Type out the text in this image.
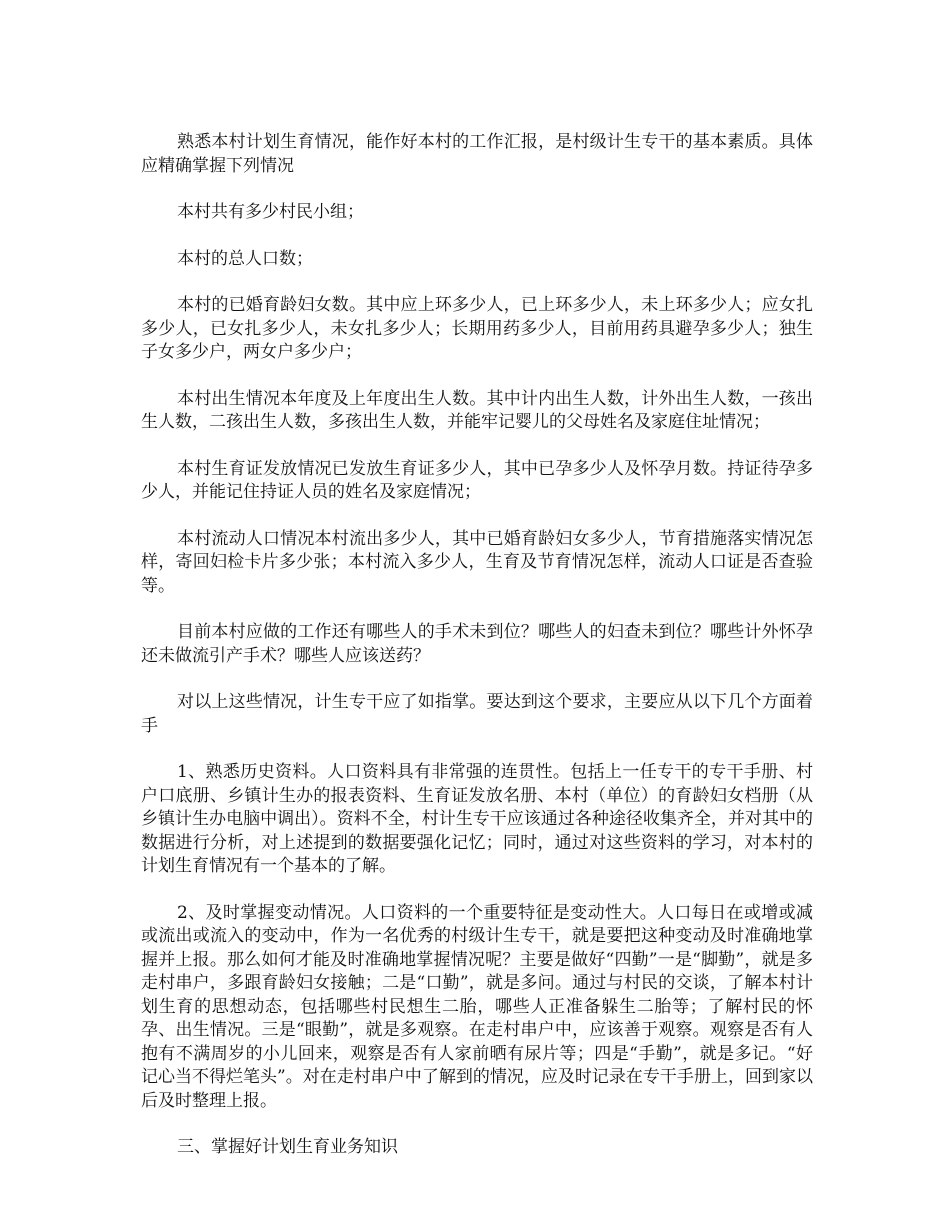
熟悉本村计划生育情况，能作好本村的工作汇报，是村级计生专干的基本素质。具体应精确掌握下列情况

本村共有多少村民小组；

本村的总人口数；

本村的已婚育龄妇女数。其中应上环多少人，已上环多少人，未上环多少人；应女扎多少人，已女扎多少人，未女扎多少人；长期用药多少人，目前用药具避孕多少人；独生子女多少户，两女户多少户；

本村出生情况本年度及上年度出生人数。其中计内出生人数，计外出生人数，一孩出生人数，二孩出生人数，多孩出生人数，并能牢记婴儿的父母姓名及家庭住址情况；

本村生育证发放情况已发放生育证多少人，其中已孕多少人及怀孕月数。持证待孕多少人，并能记住持证人员的姓名及家庭情况；

本村流动人口情况本村流出多少人，其中已婚育龄妇女多少人，节育措施落实情况怎样，寄回妇检卡片多少张；本村流入多少人，生育及节育情况怎样，流动人口证是否查验等。

目前本村应做的工作还有哪些人的手术未到位？哪些人的妇查未到位？哪些计外怀孕还未做流引产手术？哪些人应该送药？

对以上这些情况，计生专干应了如指掌。要达到这个要求，主要应从以下几个方面着手

1、熟悉历史资料。人口资料具有非常强的连贯性。包括上一任专干的专干手册、村户口底册、乡镇计生办的报表资料、生育证发放名册、本村（单位）的育龄妇女档册（从乡镇计生办电脑中调出）。资料不全，村计生专干应该通过各种途径收集齐全，并对其中的数据进行分析，对上述提到的数据要强化记忆；同时，通过对这些资料的学习，对本村的计划生育情况有一个基本的了解。

2、及时掌握变动情况。人口资料的一个重要特征是变动性大。人口每日在或增或减或流出或流入的变动中，作为一名优秀的村级计生专干，就是要把这种变动及时准确地掌握并上报。那么如何才能及时准确地掌握情况呢？主要是做好“四勤”一是“脚勤”，就是多走村串户，多跟育龄妇女接触；二是“口勤”，就是多问。通过与村民的交谈，了解本村计划生育的思想动态，包括哪些村民想生二胎，哪些人正准备躲生二胎等；了解村民的怀孕、出生情况。三是“眼勤”，就是多观察。在走村串户中，应该善于观察。观察是否有人抱有不满周岁的小儿回来，观察是否有人家前晒有尿片等；四是“手勤”，就是多记。“好记心当不得烂笔头”。对在走村串户中了解到的情况，应及时记录在专干手册上，回到家以后及时整理上报。

三、掌握好计划生育业务知识
